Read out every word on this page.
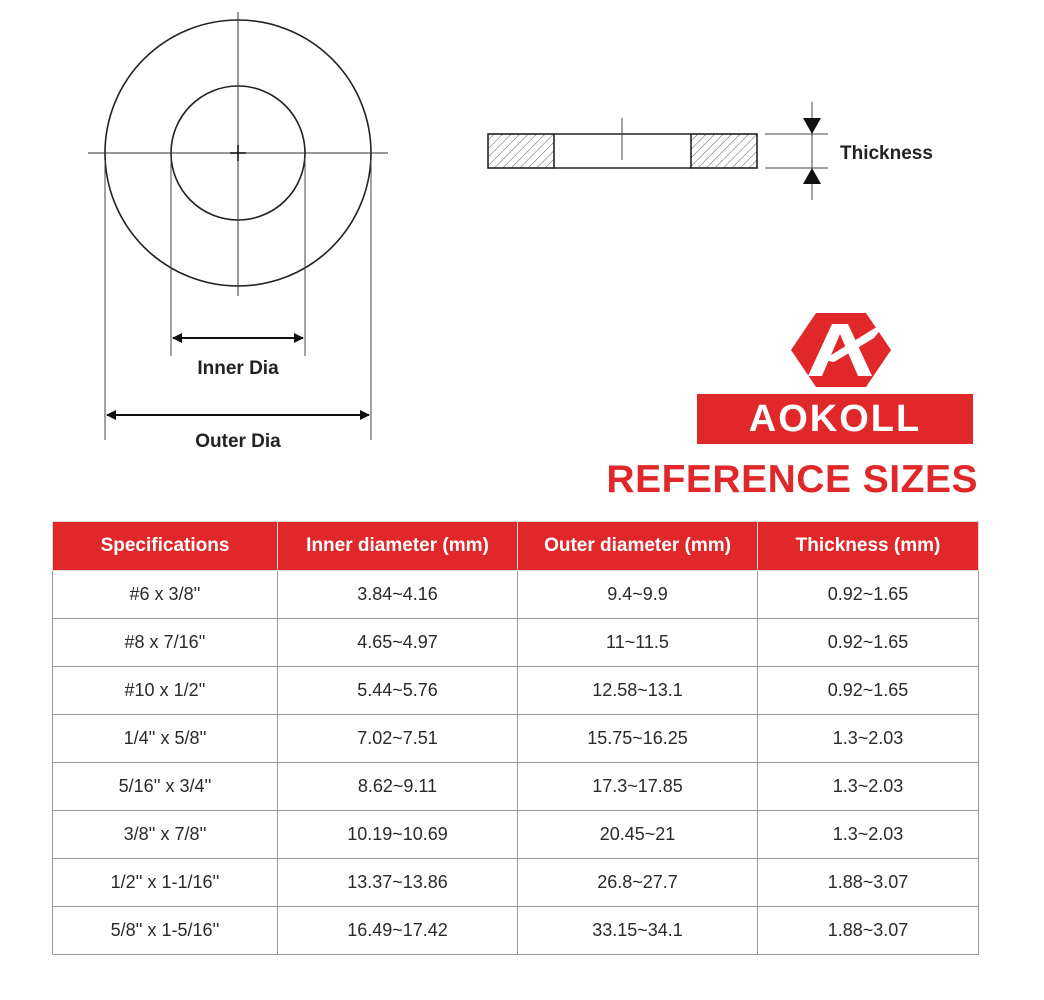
Inner Dia
Outer Dia
Thickness
AOKOLL
REFERENCE SIZES
Specifications	Inner diameter (mm)	Outer diameter (mm)	Thickness (mm)
#6 x 3/8''	3.84~4.16	9.4~9.9	0.92~1.65
#8 x 7/16''	4.65~4.97	11~11.5	0.92~1.65
#10 x 1/2''	5.44~5.76	12.58~13.1	0.92~1.65
1/4'' x 5/8''	7.02~7.51	15.75~16.25	1.3~2.03
5/16'' x 3/4''	8.62~9.11	17.3~17.85	1.3~2.03
3/8'' x 7/8''	10.19~10.69	20.45~21	1.3~2.03
1/2'' x 1-1/16''	13.37~13.86	26.8~27.7	1.88~3.07
5/8'' x 1-5/16''	16.49~17.42	33.15~34.1	1.88~3.07
